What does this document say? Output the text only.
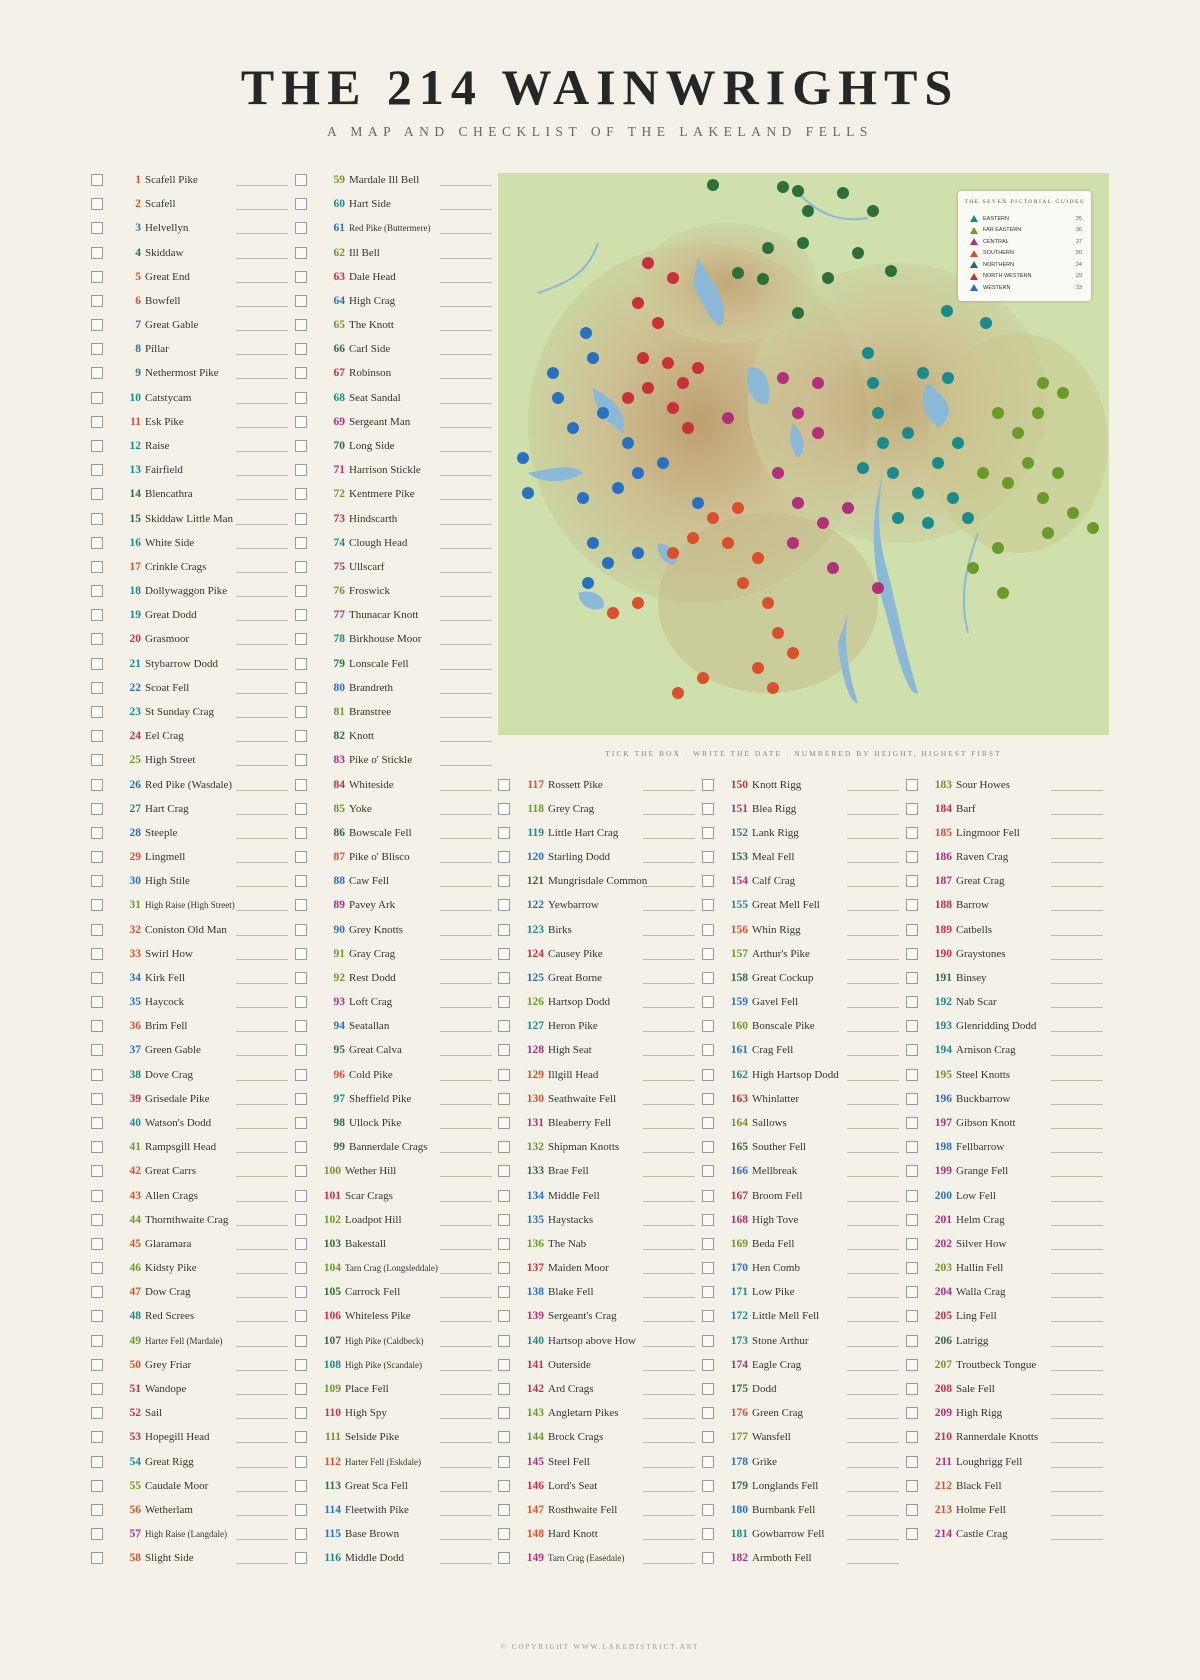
THE 214 WAINWRIGHTS
A MAP AND CHECKLIST OF THE LAKELAND FELLS
THE SEVEN PICTORIAL GUIDES
EASTERN	35
FAR EASTERN	36
CENTRAL	27
SOUTHERN	30
NORTHERN	24
NORTH WESTERN	29
WESTERN	33
TICK THE BOX · WRITE THE DATE · NUMBERED BY HEIGHT, HIGHEST FIRST
1 Scafell Pike
2 Scafell
3 Helvellyn
4 Skiddaw
5 Great End
6 Bowfell
7 Great Gable
8 Pillar
9 Nethermost Pike
10 Catstycam
11 Esk Pike
12 Raise
13 Fairfield
14 Blencathra
15 Skiddaw Little Man
16 White Side
17 Crinkle Crags
18 Dollywaggon Pike
19 Great Dodd
20 Grasmoor
21 Stybarrow Dodd
22 Scoat Fell
23 St Sunday Crag
24 Eel Crag
25 High Street
26 Red Pike (Wasdale)
27 Hart Crag
28 Steeple
29 Lingmell
30 High Stile
31 High Raise (High Street)
32 Coniston Old Man
33 Swirl How
34 Kirk Fell
35 Haycock
36 Brim Fell
37 Green Gable
38 Dove Crag
39 Grisedale Pike
40 Watson's Dodd
41 Rampsgill Head
42 Great Carrs
43 Allen Crags
44 Thornthwaite Crag
45 Glaramara
46 Kidsty Pike
47 Dow Crag
48 Red Screes
49 Harter Fell (Mardale)
50 Grey Friar
51 Wandope
52 Sail
53 Hopegill Head
54 Great Rigg
55 Caudale Moor
56 Wetherlam
57 High Raise (Langdale)
58 Slight Side
59 Mardale Ill Bell
60 Hart Side
61 Red Pike (Buttermere)
62 Ill Bell
63 Dale Head
64 High Crag
65 The Knott
66 Carl Side
67 Robinson
68 Seat Sandal
69 Sergeant Man
70 Long Side
71 Harrison Stickle
72 Kentmere Pike
73 Hindscarth
74 Clough Head
75 Ullscarf
76 Froswick
77 Thunacar Knott
78 Birkhouse Moor
79 Lonscale Fell
80 Brandreth
81 Branstree
82 Knott
83 Pike o' Stickle
84 Whiteside
85 Yoke
86 Bowscale Fell
87 Pike o' Blisco
88 Caw Fell
89 Pavey Ark
90 Grey Knotts
91 Gray Crag
92 Rest Dodd
93 Loft Crag
94 Seatallan
95 Great Calva
96 Cold Pike
97 Sheffield Pike
98 Ullock Pike
99 Bannerdale Crags
100 Wether Hill
101 Scar Crags
102 Loadpot Hill
103 Bakestall
104 Tarn Crag (Longsleddale)
105 Carrock Fell
106 Whiteless Pike
107 High Pike (Caldbeck)
108 High Pike (Scandale)
109 Place Fell
110 High Spy
111 Selside Pike
112 Harter Fell (Eskdale)
113 Great Sca Fell
114 Fleetwith Pike
115 Base Brown
116 Middle Dodd
117 Rossett Pike
118 Grey Crag
119 Little Hart Crag
120 Starling Dodd
121 Mungrisdale Common
122 Yewbarrow
123 Birks
124 Causey Pike
125 Great Borne
126 Hartsop Dodd
127 Heron Pike
128 High Seat
129 Illgill Head
130 Seathwaite Fell
131 Bleaberry Fell
132 Shipman Knotts
133 Brae Fell
134 Middle Fell
135 Haystacks
136 The Nab
137 Maiden Moor
138 Blake Fell
139 Sergeant's Crag
140 Hartsop above How
141 Outerside
142 Ard Crags
143 Angletarn Pikes
144 Brock Crags
145 Steel Fell
146 Lord's Seat
147 Rosthwaite Fell
148 Hard Knott
149 Tarn Crag (Easedale)
150 Knott Rigg
151 Blea Rigg
152 Lank Rigg
153 Meal Fell
154 Calf Crag
155 Great Mell Fell
156 Whin Rigg
157 Arthur's Pike
158 Great Cockup
159 Gavel Fell
160 Bonscale Pike
161 Crag Fell
162 High Hartsop Dodd
163 Whinlatter
164 Sallows
165 Souther Fell
166 Mellbreak
167 Broom Fell
168 High Tove
169 Beda Fell
170 Hen Comb
171 Low Pike
172 Little Mell Fell
173 Stone Arthur
174 Eagle Crag
175 Dodd
176 Green Crag
177 Wansfell
178 Grike
179 Longlands Fell
180 Burnbank Fell
181 Gowbarrow Fell
182 Armboth Fell
183 Sour Howes
184 Barf
185 Lingmoor Fell
186 Raven Crag
187 Great Crag
188 Barrow
189 Catbells
190 Graystones
191 Binsey
192 Nab Scar
193 Glenridding Dodd
194 Arnison Crag
195 Steel Knotts
196 Buckbarrow
197 Gibson Knott
198 Fellbarrow
199 Grange Fell
200 Low Fell
201 Helm Crag
202 Silver How
203 Hallin Fell
204 Walla Crag
205 Ling Fell
206 Latrigg
207 Troutbeck Tongue
208 Sale Fell
209 High Rigg
210 Rannerdale Knotts
211 Loughrigg Fell
212 Black Fell
213 Holme Fell
214 Castle Crag
© COPYRIGHT WWW.LAKEDISTRICT.ART
